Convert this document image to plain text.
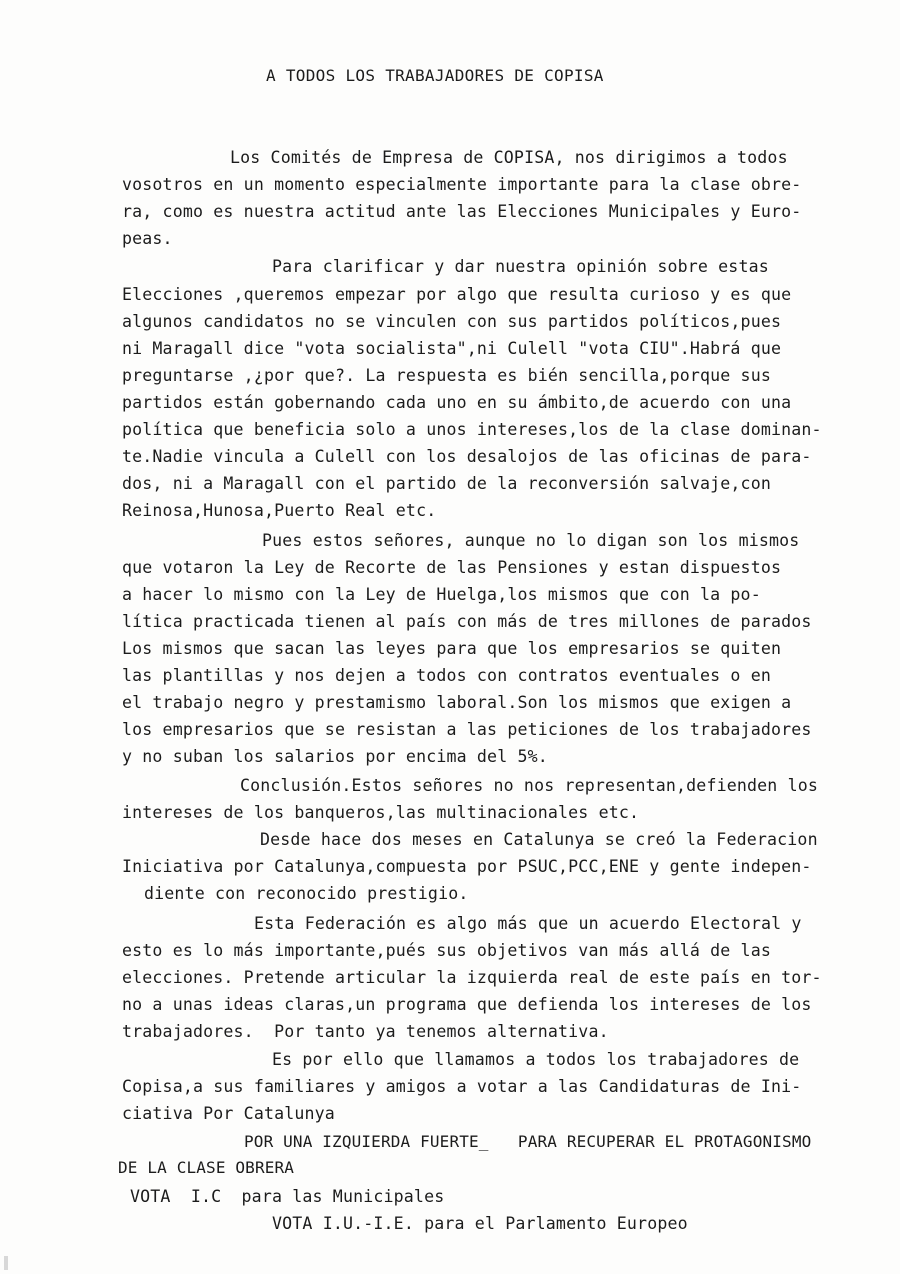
A TODOS LOS TRABAJADORES DE COPISA
Los Comités de Empresa de COPISA, nos dirigimos a todos
vosotros en un momento especialmente importante para la clase obre-
ra, como es nuestra actitud ante las Elecciones Municipales y Euro-
peas.
Para clarificar y dar nuestra opinión sobre estas
Elecciones ,queremos empezar por algo que resulta curioso y es que
algunos candidatos no se vinculen con sus partidos políticos,pues
ni Maragall dice "vota socialista",ni Culell "vota CIU".Habrá que
preguntarse ,¿por que?. La respuesta es bién sencilla,porque sus
partidos están gobernando cada uno en su ámbito,de acuerdo con una
política que beneficia solo a unos intereses,los de la clase dominan-
te.Nadie vincula a Culell con los desalojos de las oficinas de para-
dos, ni a Maragall con el partido de la reconversión salvaje,con
Reinosa,Hunosa,Puerto Real etc.
Pues estos señores, aunque no lo digan son los mismos
que votaron la Ley de Recorte de las Pensiones y estan dispuestos
a hacer lo mismo con la Ley de Huelga,los mismos que con la po-
lítica practicada tienen al país con más de tres millones de parados
Los mismos que sacan las leyes para que los empresarios se quiten
las plantillas y nos dejen a todos con contratos eventuales o en
el trabajo negro y prestamismo laboral.Son los mismos que exigen a
los empresarios que se resistan a las peticiones de los trabajadores
y no suban los salarios por encima del 5%.
Conclusión.Estos señores no nos representan,defienden los
intereses de los banqueros,las multinacionales etc.
Desde hace dos meses en Catalunya se creó la Federacion
Iniciativa por Catalunya,compuesta por PSUC,PCC,ENE y gente indepen-
diente con reconocido prestigio.
Esta Federación es algo más que un acuerdo Electoral y
esto es lo más importante,pués sus objetivos van más allá de las
elecciones. Pretende articular la izquierda real de este país en tor-
no a unas ideas claras,un programa que defienda los intereses de los
trabajadores.  Por tanto ya tenemos alternativa.
Es por ello que llamamos a todos los trabajadores de
Copisa,a sus familiares y amigos a votar a las Candidaturas de Ini-
ciativa Por Catalunya
POR UNA IZQUIERDA FUERTE_   PARA RECUPERAR EL PROTAGONISMO
DE LA CLASE OBRERA
VOTA  I.C  para las Municipales
VOTA I.U.-I.E. para el Parlamento Europeo
